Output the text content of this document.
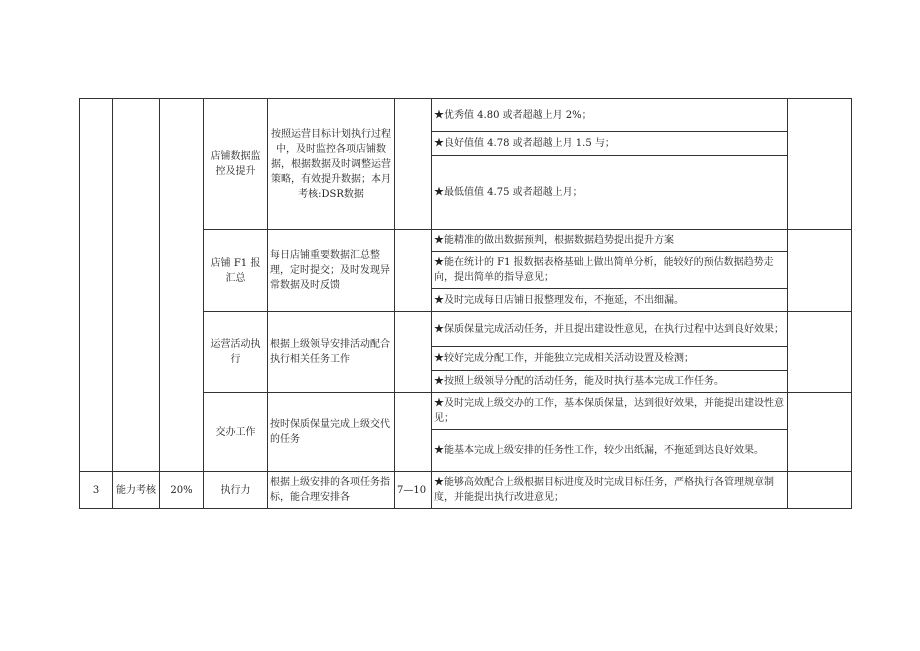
			店铺数据监控及提升	按照运营目标计划执行过程中，及时监控各项店铺数据，根据数据及时调整运营策略，有效提升数据；本月考核:DSR数据		★优秀值 4.80 或者超越上月 2%；	
						★良好值值 4.78 或者超越上月 1.5 与；	
						★最低值值 4.75 或者超越上月；	
			店铺 F1 报汇总	每日店铺重要数据汇总整理，定时提交；及时发现异常数据及时反馈		★能精准的做出数据预判，根据数据趋势提出提升方案	
						★能在统计的 F1 报数据表格基础上做出简单分析，能较好的预估数据趋势走向，提出简单的指导意见；	
						★及时完成每日店铺日报整理发布，不拖延，不出细漏。	
			运营活动执行	根据上级领导安排活动配合执行相关任务工作		★保质保量完成活动任务，并且提出建设性意见，在执行过程中达到良好效果；	
						★较好完成分配工作，并能独立完成相关活动设置及检测；	
						★按照上级领导分配的活动任务，能及时执行基本完成工作任务。	
			交办工作	按时保质保量完成上级交代的任务		★及时完成上级交办的工作，基本保质保量，达到很好效果，并能提出建设性意见；	
						★能基本完成上级安排的任务性工作，较少出纸漏，不拖延到达良好效果。	
3	能力考核	20%	执行力	根据上级安排的各项任务指标，能合理安排各	7—10	★能够高效配合上级根据目标进度及时完成目标任务，严格执行各管理规章制度，并能提出执行改进意见；	
